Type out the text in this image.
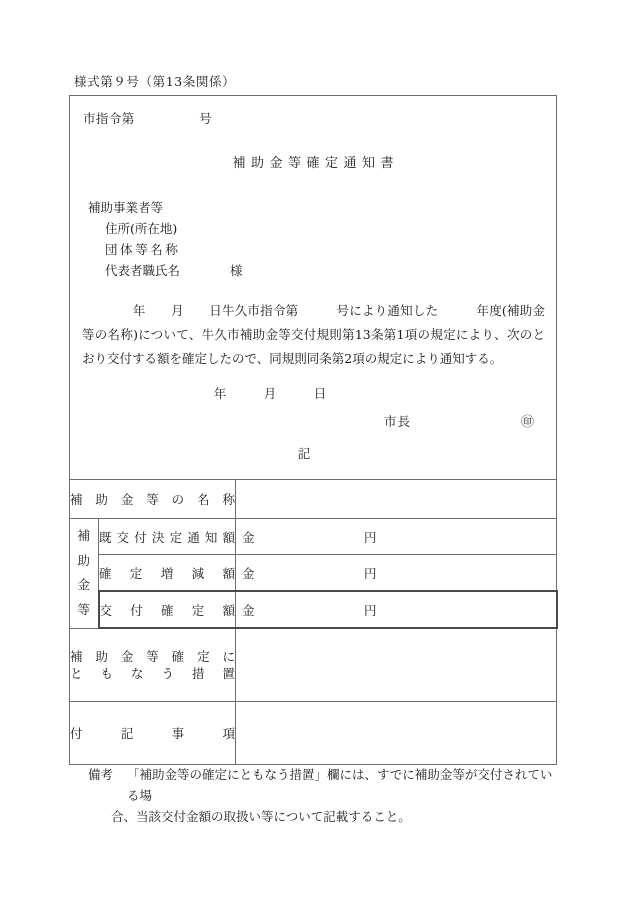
様式第９号（第13条関係）
市指令第　　　　　号
補助金等確定通知書
補助事業者等
住所(所在地)
団体等名称
代表者職氏名　　　　様
　　　　年　　月　　日牛久市指令第　　　号により通知した　　　年度(補助金等の名称)について、牛久市補助金等交付規則第13条第1項の規定により、次のとおり交付する額を確定したので、同規則同条第2項の規定により通知する。
年　　　月　　　日
市長	㊞
記
補助金等の名称		

補
助
金
等
	既交付決定通知額	金	円

	確定増減額	金 円

	交付確定額	金 円

補助金等確定に
ともなう措置		

付記事項		
備考	「補助金等の確定にともなう措置」欄には、すでに補助金等が交付されている場
合、当該交付金額の取扱い等について記載すること。
